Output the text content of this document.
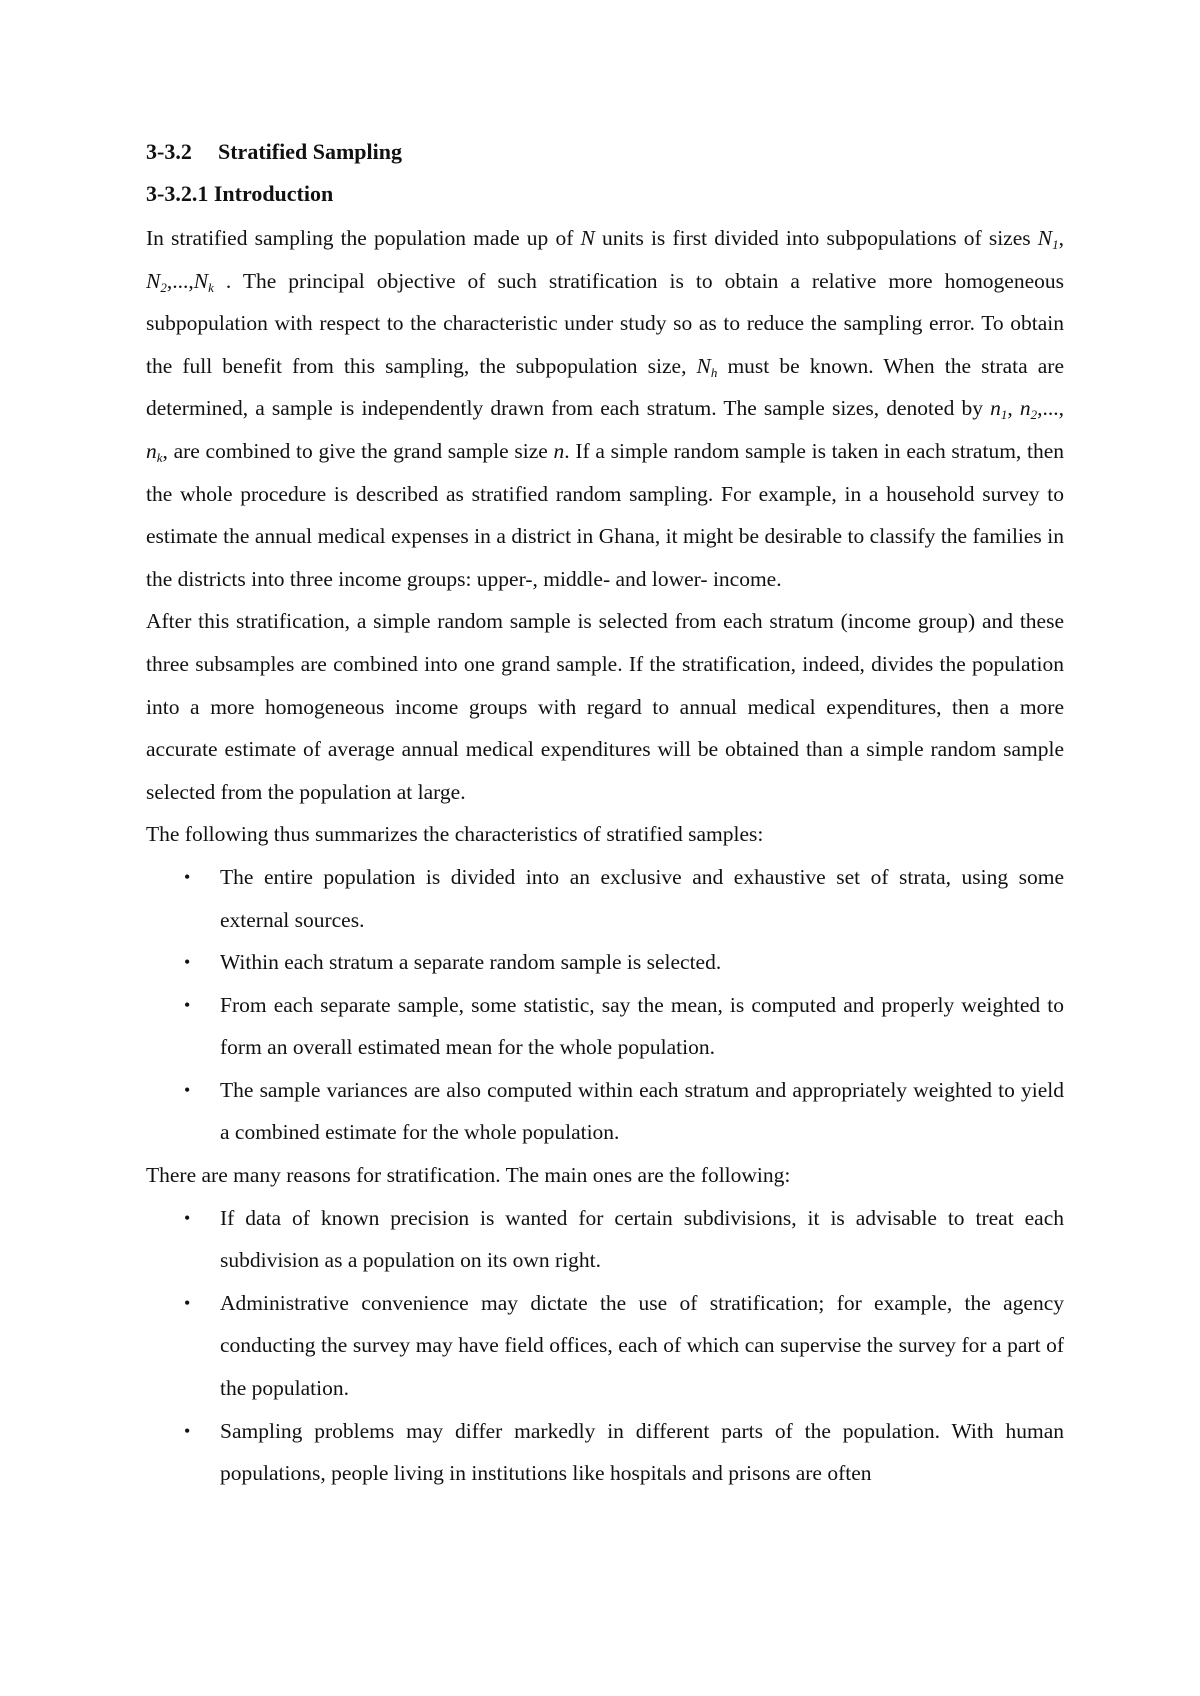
3-3.2 Stratified Sampling
3-3.2.1 Introduction

In stratified sampling the population made up of N units is first divided into subpopulations of sizes $N_1$, $N_2,...,N_k$ . The principal objective of such stratification is to obtain a relative more homogeneous subpopulation with respect to the characteristic under study so as to reduce the sampling error. To obtain the full benefit from this sampling, the subpopulation size, $N_h$ must be known. When the strata are determined, a sample is independently drawn from each stratum. The sample sizes, denoted by $n_1$, $n_2$,..., $n_k$, are combined to give the grand sample size n. If a simple random sample is taken in each stratum, then the whole procedure is described as stratified random sampling. For example, in a household survey to estimate the annual medical expenses in a district in Ghana, it might be desirable to classify the families in the districts into three income groups: upper-, middle- and lower- income.

After this stratification, a simple random sample is selected from each stratum (income group) and these three subsamples are combined into one grand sample. If the stratification, indeed, divides the population into a more homogeneous income groups with regard to annual medical expenditures, then a more accurate estimate of average annual medical expenditures will be obtained than a simple random sample selected from the population at large.

The following thus summarizes the characteristics of stratified samples:

• The entire population is divided into an exclusive and exhaustive set of strata, using some external sources.
• Within each stratum a separate random sample is selected.
• From each separate sample, some statistic, say the mean, is computed and properly weighted to form an overall estimated mean for the whole population.
• The sample variances are also computed within each stratum and appropriately weighted to yield a combined estimate for the whole population.

There are many reasons for stratification. The main ones are the following:

• If data of known precision is wanted for certain subdivisions, it is advisable to treat each subdivision as a population on its own right.
• Administrative convenience may dictate the use of stratification; for example, the agency conducting the survey may have field offices, each of which can supervise the survey for a part of the population.
• Sampling problems may differ markedly in different parts of the population. With human populations, people living in institutions like hospitals and prisons are often
